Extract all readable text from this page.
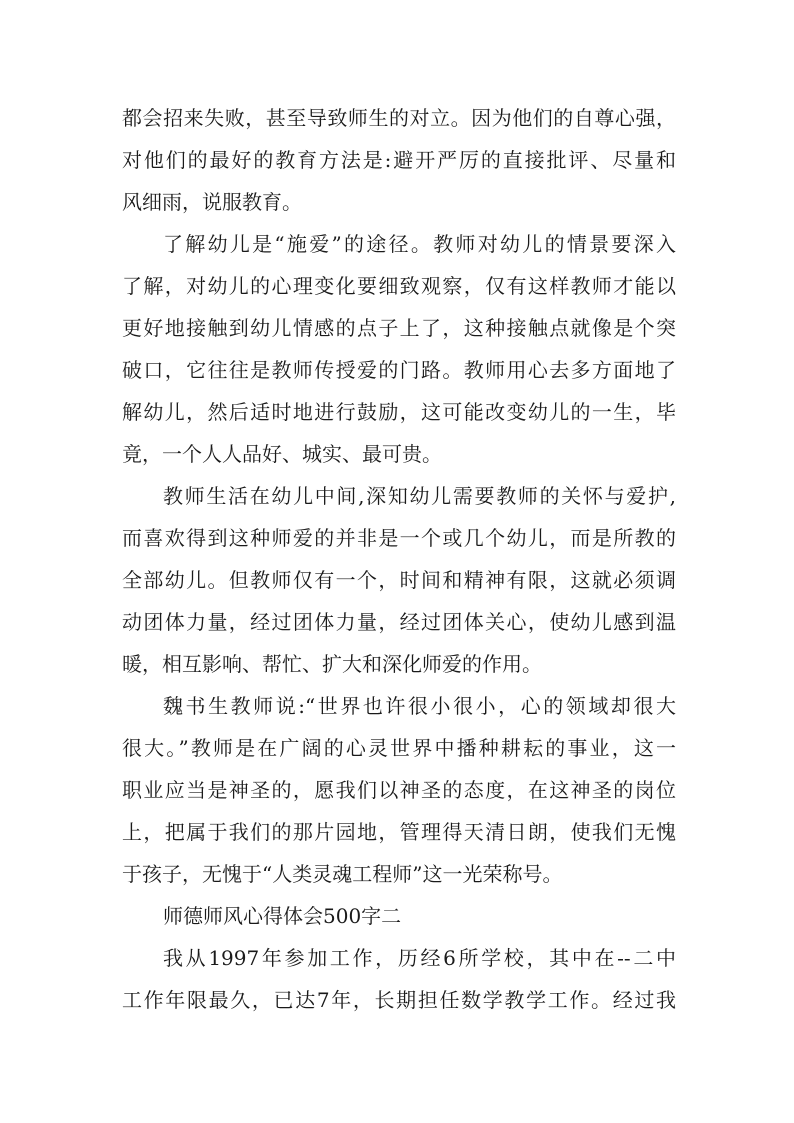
都会招来失败，甚至导致师生的对立。因为他们的自尊心强，
对他们的最好的教育方法是:避开严厉的直接批评、尽量和
风细雨，说服教育。
了解幼儿是“施爱”的途径。教师对幼儿的情景要深入
了解，对幼儿的心理变化要细致观察，仅有这样教师才能以
更好地接触到幼儿情感的点子上了，这种接触点就像是个突
破口，它往往是教师传授爱的门路。教师用心去多方面地了
解幼儿，然后适时地进行鼓励，这可能改变幼儿的一生，毕
竟，一个人人品好、城实、最可贵。
教师生活在幼儿中间,深知幼儿需要教师的关怀与爱护,
而喜欢得到这种师爱的并非是一个或几个幼儿，而是所教的
全部幼儿。但教师仅有一个，时间和精神有限，这就必须调
动团体力量，经过团体力量，经过团体关心，使幼儿感到温
暖，相互影响、帮忙、扩大和深化师爱的作用。
魏书生教师说:“世界也许很小很小，心的领域却很大
很大。”教师是在广阔的心灵世界中播种耕耘的事业，这一
职业应当是神圣的，愿我们以神圣的态度，在这神圣的岗位
上，把属于我们的那片园地，管理得天清日朗，使我们无愧
于孩子，无愧于“人类灵魂工程师”这一光荣称号。
师德师风心得体会500字二
我从1997年参加工作，历经6所学校，其中在--二中
工作年限最久，已达7年，长期担任数学教学工作。经过我
